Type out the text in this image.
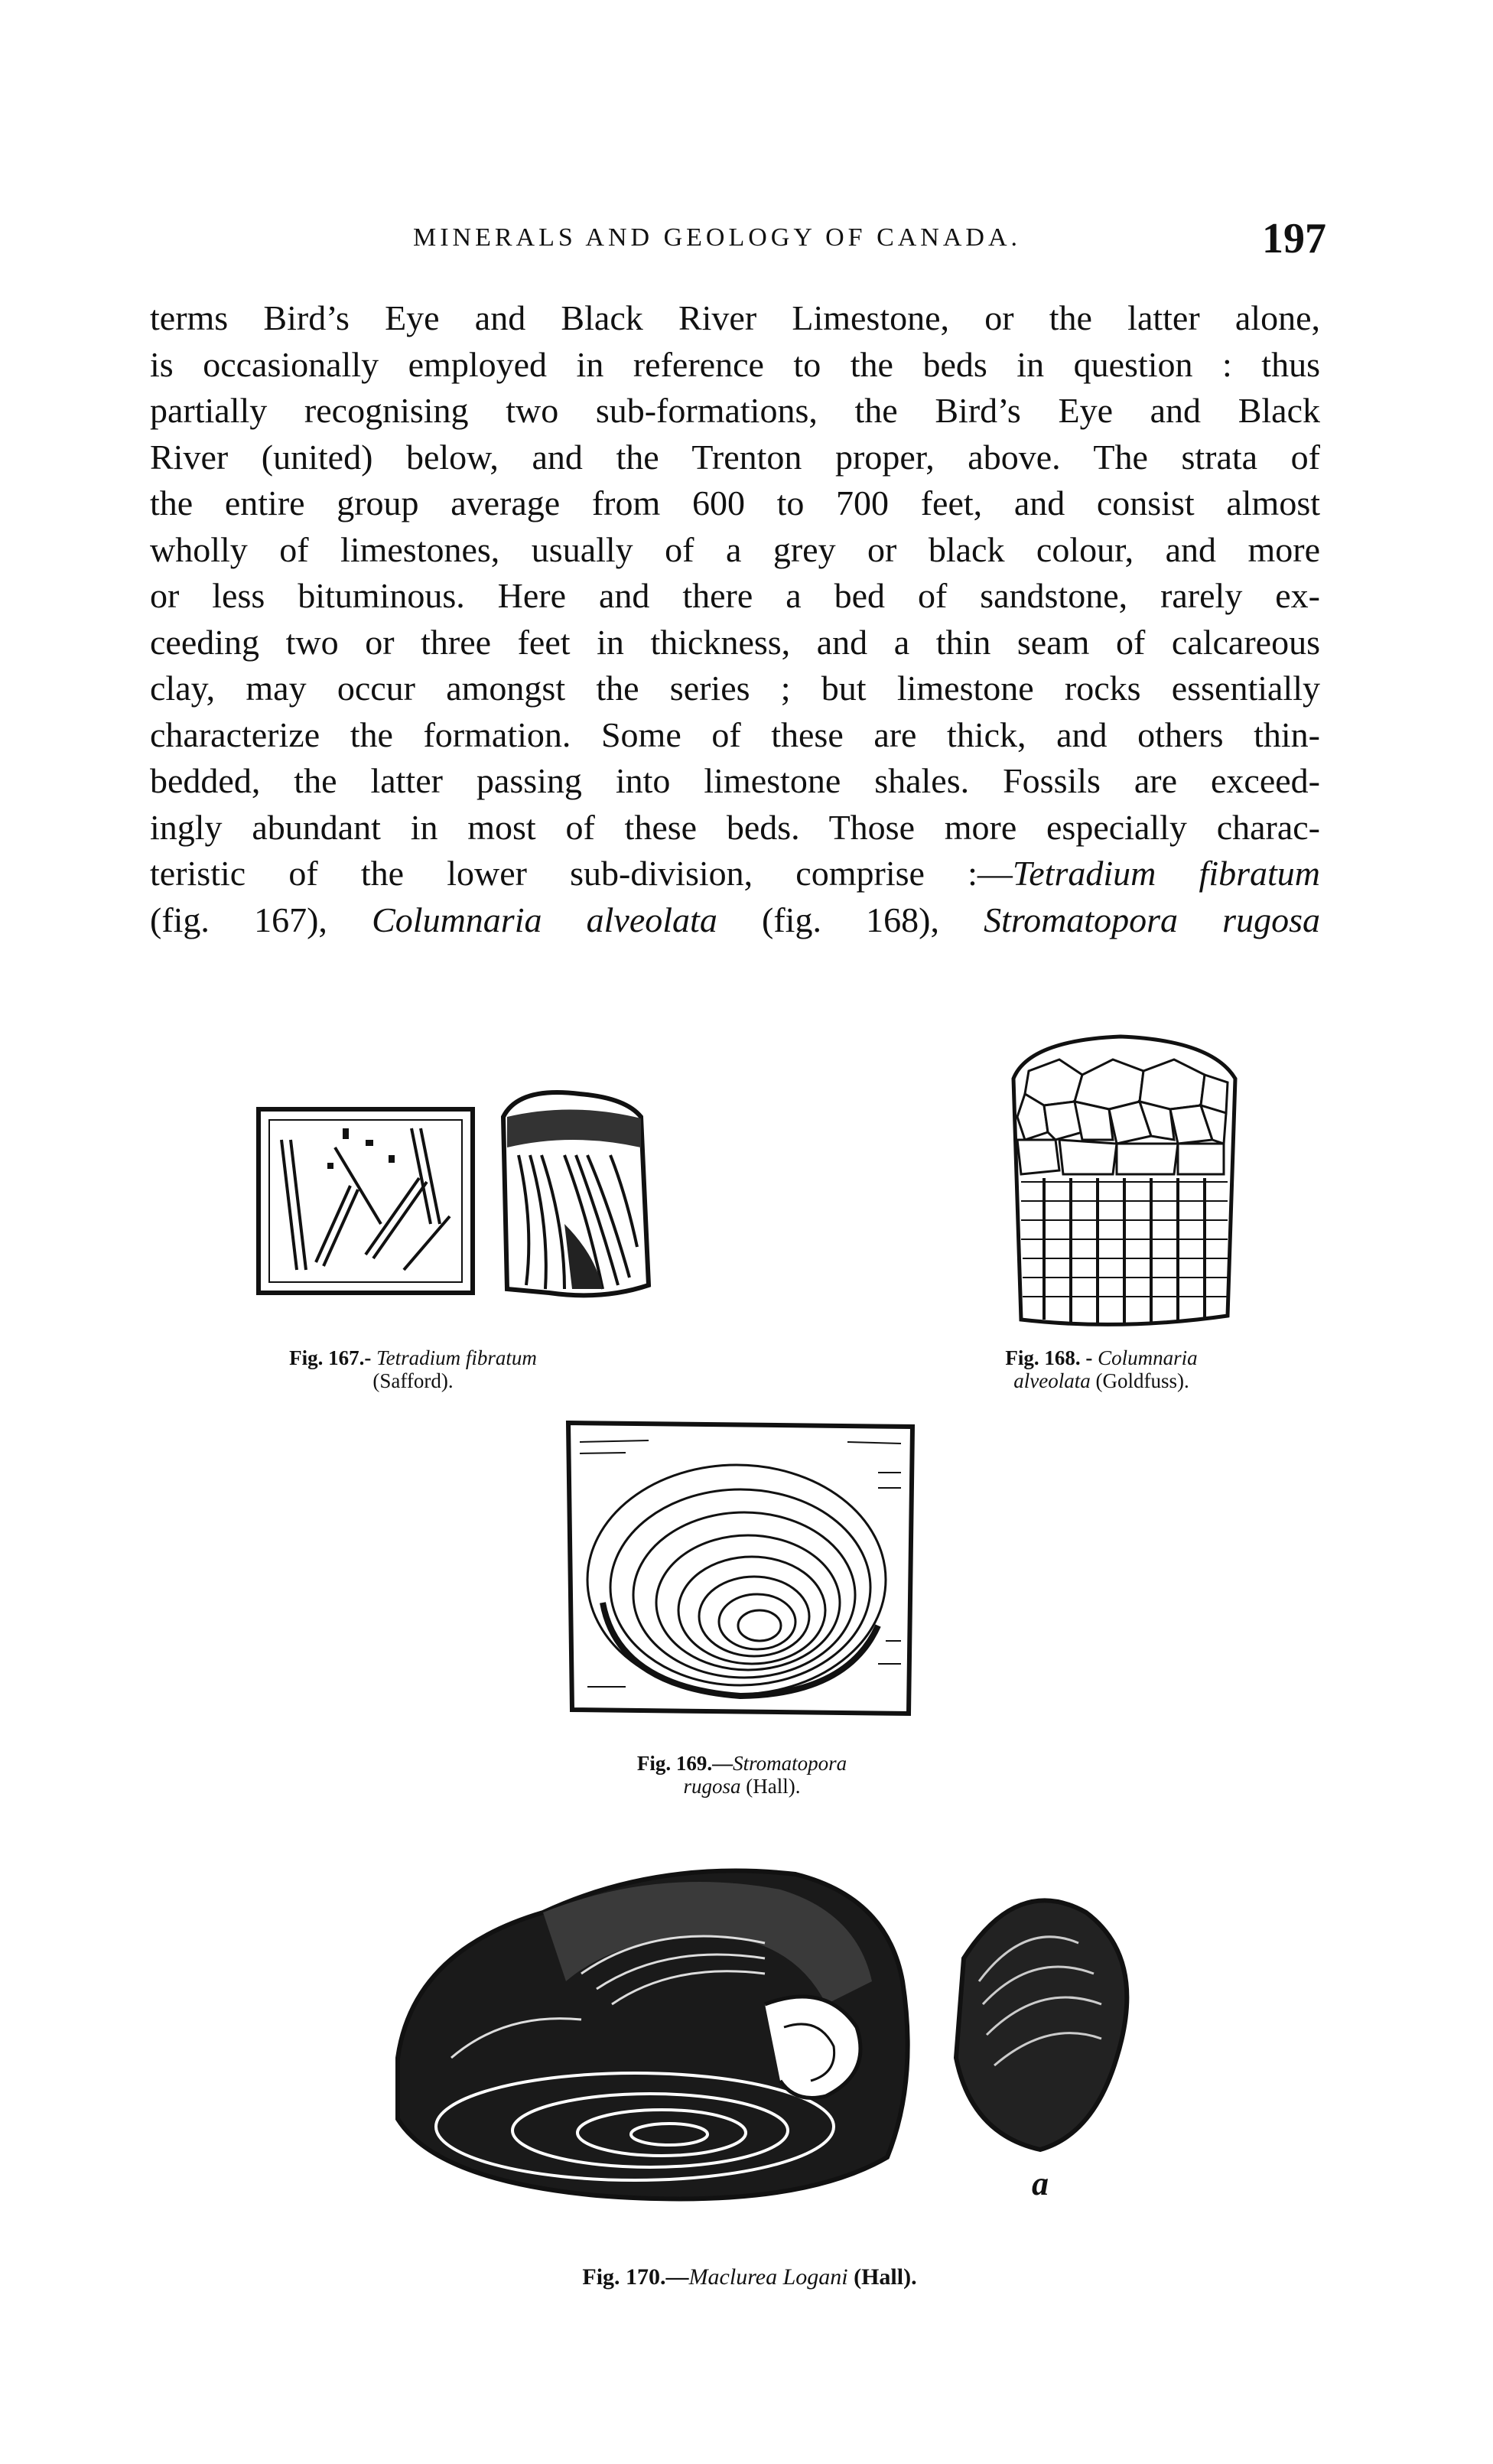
MINERALS AND GEOLOGY OF CANADA.	197
terms Bird’s Eye and Black River Limestone, or the latter alone,
is occasionally employed in reference to the beds in question : thus
partially recognising two sub-formations, the Bird’s Eye and Black
River (united) below, and the Trenton proper, above. The strata of
the entire group average from 600 to 700 feet, and consist almost
wholly of limestones, usually of a grey or black colour, and more
or less bituminous. Here and there a bed of sandstone, rarely ex-
ceeding two or three feet in thickness, and a thin seam of calcareous
clay, may occur amongst the series ; but limestone rocks essentially
characterize the formation. Some of these are thick, and others thin-
bedded, the latter passing into limestone shales. Fossils are exceed-
ingly abundant in most of these beds. Those more especially charac-
teristic of the lower sub-division, comprise :—Tetradium fibratum
(fig. 167), Columnaria alveolata (fig. 168), Stromatopora rugosa
Fig. 167.- Tetradium fibratum
(Safford).
Fig. 168. - Columnaria
alveolata (Goldfuss).
Fig. 169.—Stromatopora
rugosa (Hall).
a
Fig. 170.—Maclurea Logani (Hall).
